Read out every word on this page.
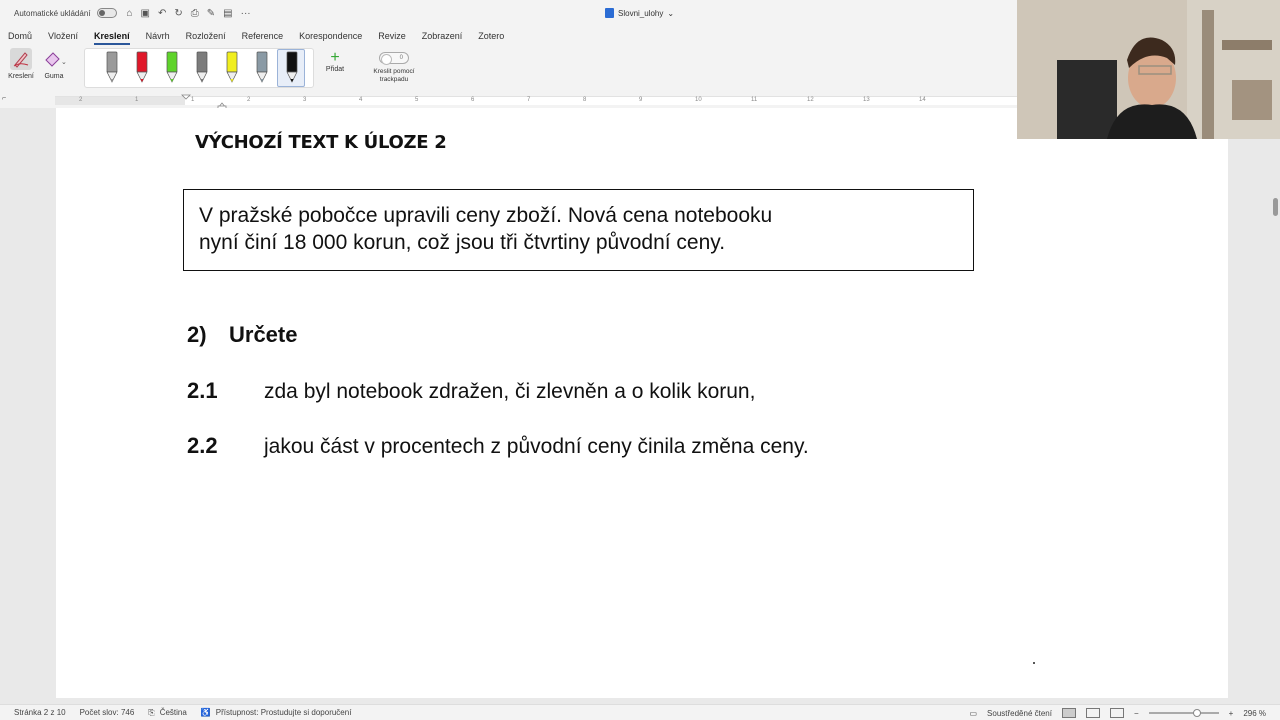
Automatické ukládání	⌂ ▣ ↶ ↻ ⎙ ✎ ▤ ···	Slovni_ulohy ⌄
Domů	Vložení	Kreslení	Návrh	Rozložení	Reference	Korespondence	Revize	Zobrazení	Zotero
Kreslení
⌄
Guma
+
Přidat
0
Kreslit pomocí
trackpadu
⌐	2	1	1	2	3	4	5	6	7	8	9	10	11	12	13	14
VÝCHOZÍ TEXT K ÚLOZE 2

V pražské pobočce upravili ceny zboží. Nová cena notebooku

nyní činí 18 000 korun, což jsou tři čtvrtiny původní ceny.

2) Určete
2.1 zda byl notebook zdražen, či zlevněn a o kolik korun,
2.2 jakou část v procentech z původní ceny činila změna ceny.
Stránka 2 z 10 Počet slov: 746 ⎘ Čeština ♿ Přístupnost: Prostudujte si doporučení	▭ Soustředěné čtení	−	+ 296 %
